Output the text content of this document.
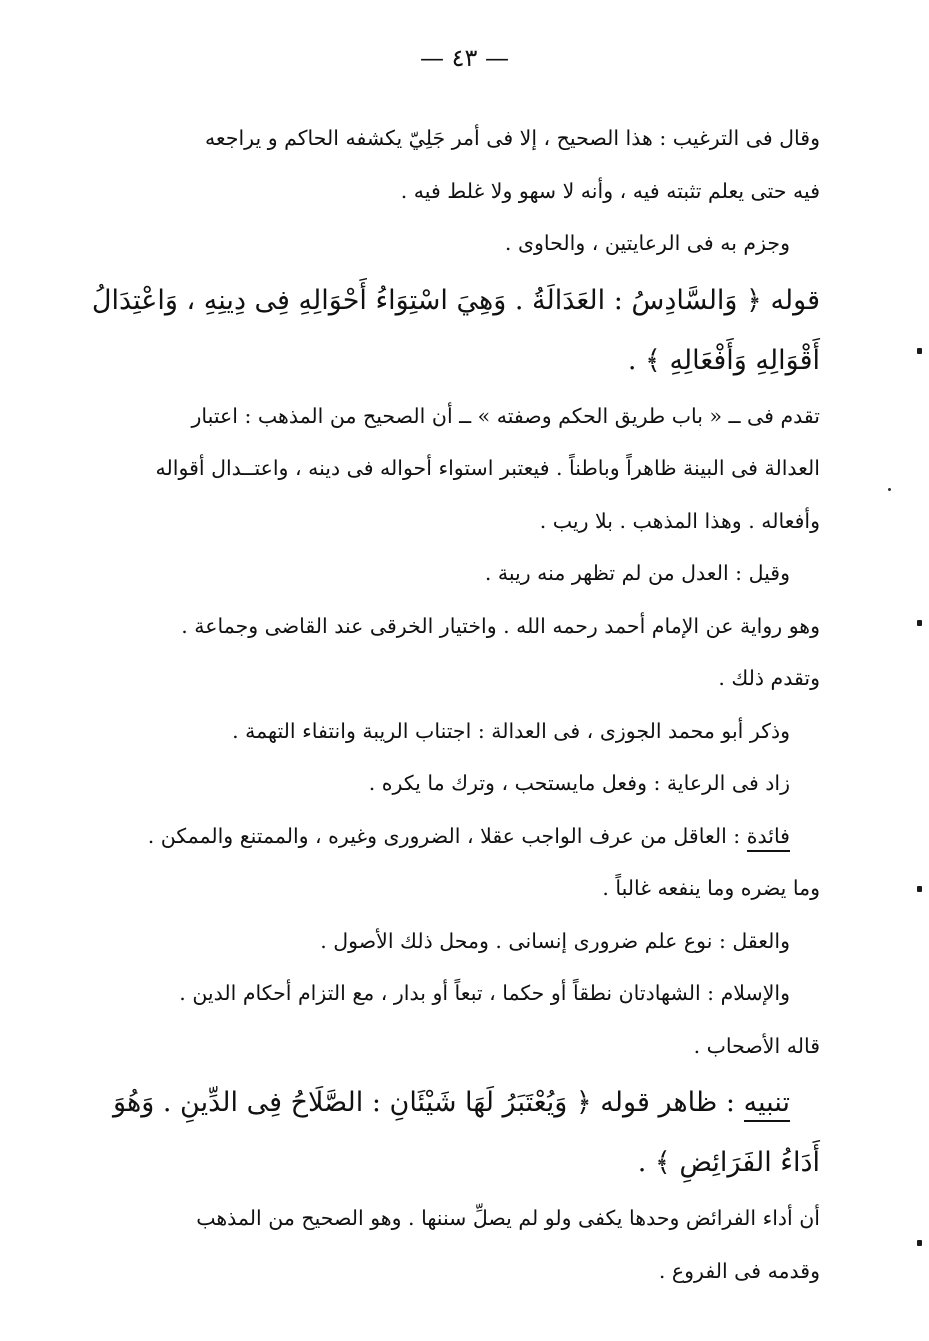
— ٤٣ —
وقال فى الترغيب : هذا الصحيح ، إلا فى أمر جَلِيّ يكشفه الحاكم و يراجعه
فيه حتى يعلم تثبته فيه ، وأنه لا سهو ولا غلط فيه .
وجزم به فى الرعايتين ، والحاوى .
قوله ﴿ وَالسَّادِسُ : العَدَالَةُ . وَهِيَ اسْتِوَاءُ أَحْوَالِهِ فِى دِينِهِ ، وَاعْتِدَالُ
أَقْوَالِهِ وَأَفْعَالِهِ ﴾ .
تقدم فى ــ « باب طريق الحكم وصفته » ــ أن الصحيح من المذهب : اعتبار
العدالة فى البينة ظاهراً وباطناً . فيعتبر استواء أحواله فى دينه ، واعتــدال أقواله
وأفعاله . وهذا المذهب . بلا ريب .
وقيل : العدل من لم تظهر منه ريبة .
وهو رواية عن الإمام أحمد رحمه الله . واختيار الخرقى عند القاضى وجماعة .
وتقدم ذلك .
وذكر أبو محمد الجوزى ، فى العدالة : اجتناب الريبة وانتفاء التهمة .
زاد فى الرعاية : وفعل مايستحب ، وترك ما يكره .
فائدة : العاقل من عرف الواجب عقلا ، الضرورى وغيره ، والممتنع والممكن .
وما يضره وما ينفعه غالباً .
والعقل : نوع علم ضرورى إنسانى . ومحل ذلك الأصول .
والإسلام : الشهادتان نطقاً أو حكما ، تبعاً أو بدار ، مع التزام أحكام الدين .
قاله الأصحاب .
تنبيه : ظاهر قوله ﴿ وَيُعْتَبَرُ لَهَا شَيْئَانِ : الصَّلَاحُ فِى الدِّينِ . وَهُوَ
أَدَاءُ الفَرَائِضِ ﴾ .
أن أداء الفرائض وحدها يكفى ولو لم يصلِّ سننها . وهو الصحيح من المذهب
وقدمه فى الفروع .
